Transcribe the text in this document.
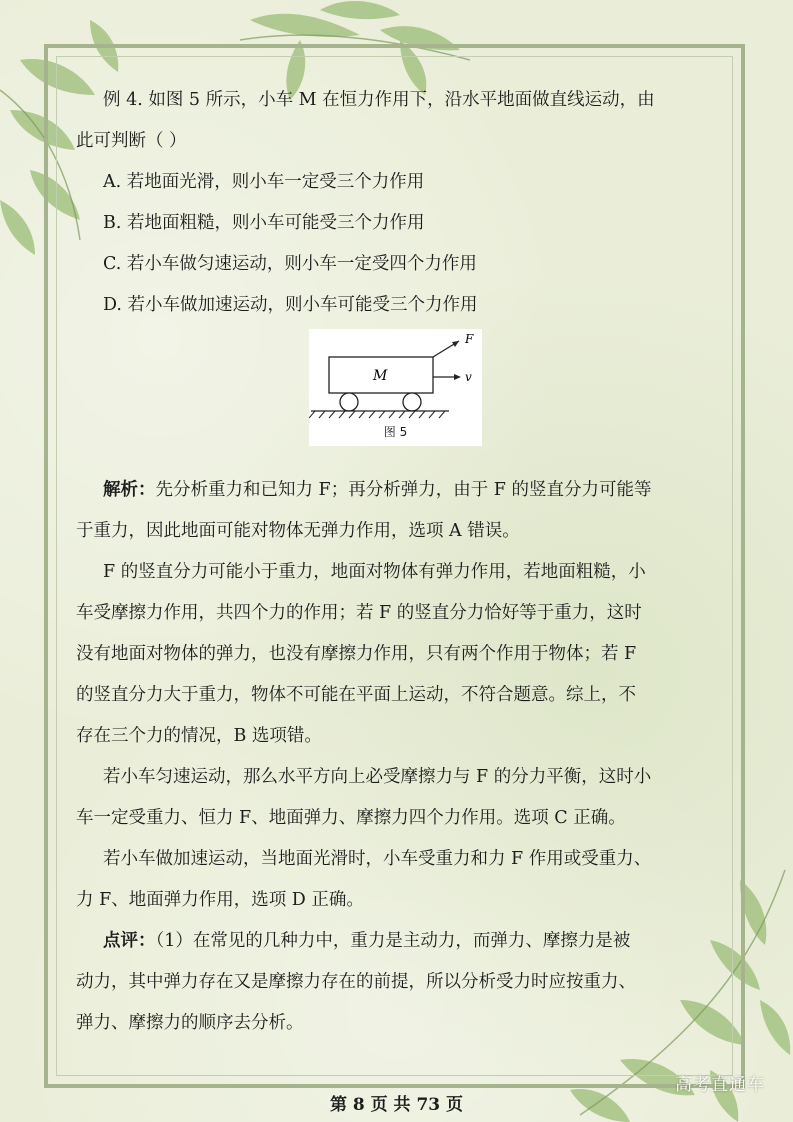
例 4. 如图 5 所示，小车 M 在恒力作用下，沿水平地面做直线运动，由
此可判断（ ）
A. 若地面光滑，则小车一定受三个力作用
B. 若地面粗糙，则小车可能受三个力作用
C. 若小车做匀速运动，则小车一定受四个力作用
D. 若小车做加速运动，则小车可能受三个力作用
解析：先分析重力和已知力 F；再分析弹力，由于 F 的竖直分力可能等
于重力，因此地面可能对物体无弹力作用，选项 A 错误。
F 的竖直分力可能小于重力，地面对物体有弹力作用，若地面粗糙，小
车受摩擦力作用，共四个力的作用；若 F 的竖直分力恰好等于重力，这时
没有地面对物体的弹力，也没有摩擦力作用，只有两个作用于物体；若 F
的竖直分力大于重力，物体不可能在平面上运动，不符合题意。综上，不
存在三个力的情况，B 选项错。
若小车匀速运动，那么水平方向上必受摩擦力与 F 的分力平衡，这时小
车一定受重力、恒力 F、地面弹力、摩擦力四个力作用。选项 C 正确。
若小车做加速运动，当地面光滑时，小车受重力和力 F 作用或受重力、
力 F、地面弹力作用，选项 D 正确。
点评：（1）在常见的几种力中，重力是主动力，而弹力、摩擦力是被
动力，其中弹力存在又是摩擦力存在的前提，所以分析受力时应按重力、
弹力、摩擦力的顺序去分析。
M
F
v
图 5
第 8 页 共 73 页
高考直通车
